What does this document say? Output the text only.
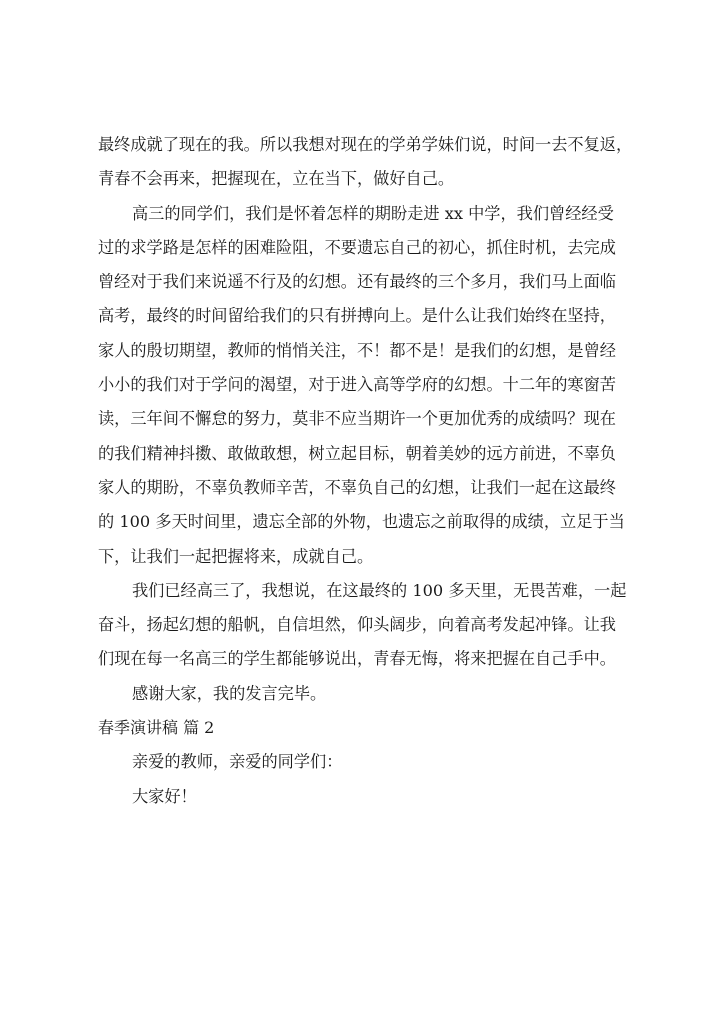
最终成就了现在的我。所以我想对现在的学弟学妹们说，时间一去不复返，
青春不会再来，把握现在，立在当下，做好自己。
高三的同学们，我们是怀着怎样的期盼走进 xx 中学，我们曾经经受
过的求学路是怎样的困难险阻，不要遗忘自己的初心，抓住时机，去完成
曾经对于我们来说遥不行及的幻想。还有最终的三个多月，我们马上面临
高考，最终的时间留给我们的只有拼搏向上。是什么让我们始终在坚持，
家人的殷切期望，教师的悄悄关注，不！都不是！是我们的幻想，是曾经
小小的我们对于学问的渴望，对于进入高等学府的幻想。十二年的寒窗苦
读，三年间不懈怠的努力，莫非不应当期许一个更加优秀的成绩吗？现在
的我们精神抖擞、敢做敢想，树立起目标，朝着美妙的远方前进，不辜负
家人的期盼，不辜负教师辛苦，不辜负自己的幻想，让我们一起在这最终
的 100 多天时间里，遗忘全部的外物，也遗忘之前取得的成绩，立足于当
下，让我们一起把握将来，成就自己。
我们已经高三了，我想说，在这最终的 100 多天里，无畏苦难，一起
奋斗，扬起幻想的船帆，自信坦然，仰头阔步，向着高考发起冲锋。让我
们现在每一名高三的学生都能够说出，青春无悔，将来把握在自己手中。
感谢大家，我的发言完毕。
春季演讲稿 篇 2
亲爱的教师，亲爱的同学们：
大家好！
